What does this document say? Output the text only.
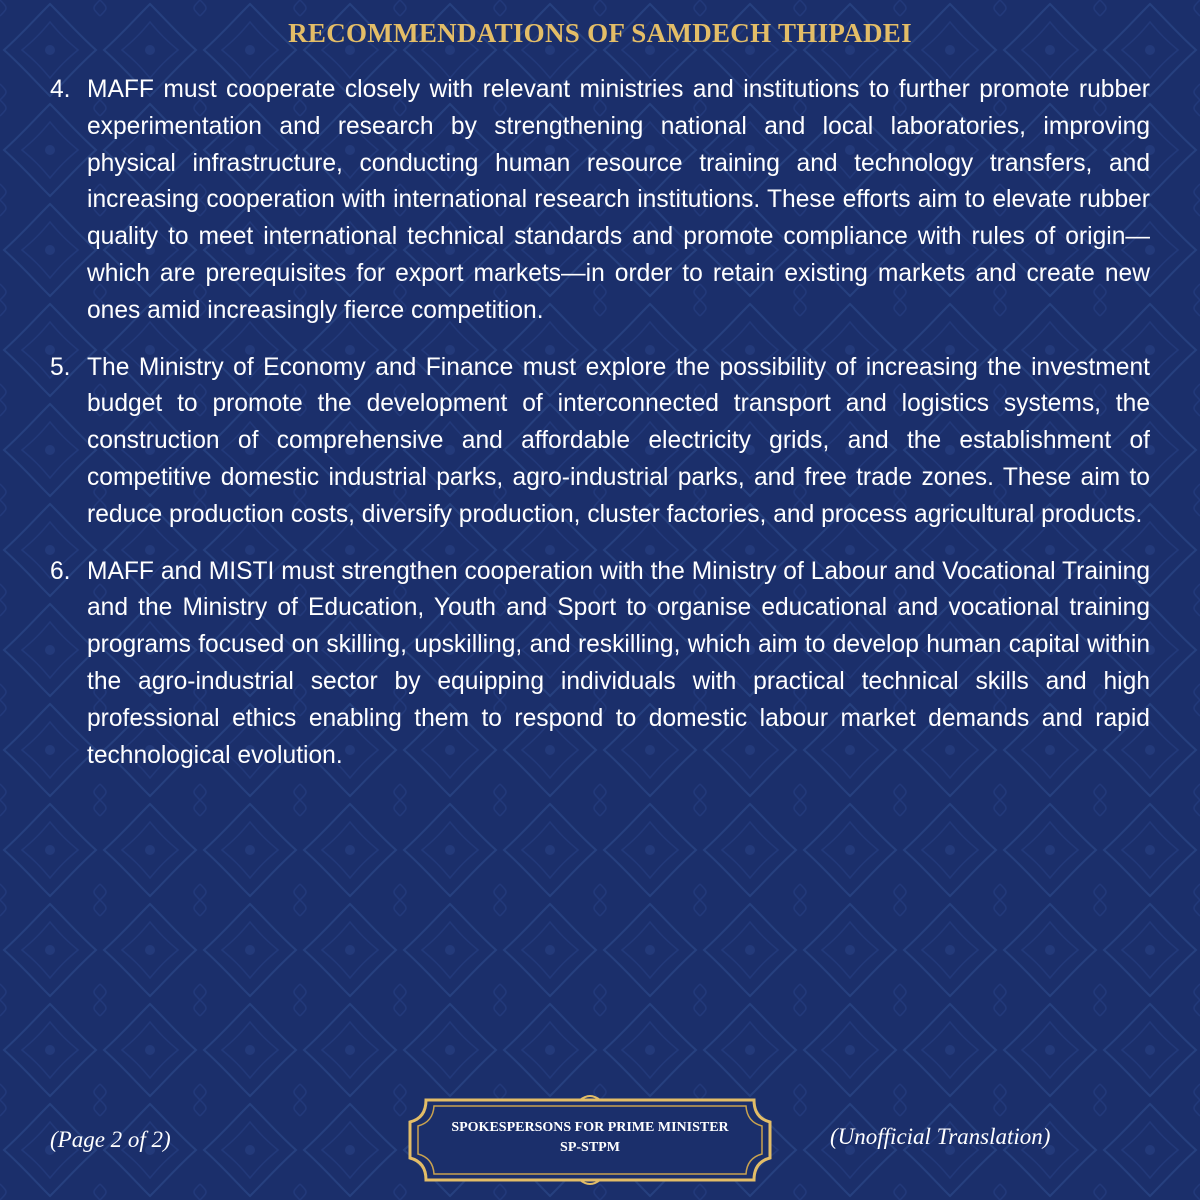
RECOMMENDATIONS OF SAMDECH THIPADEI
4. MAFF must cooperate closely with relevant ministries and institutions to further promote rubber experimentation and research by strengthening national and local laboratories, improving physical infrastructure, conducting human resource training and technology transfers, and increasing cooperation with international research institutions. These efforts aim to elevate rubber quality to meet international technical standards and promote compliance with rules of origin—which are prerequisites for export markets—in order to retain existing markets and create new ones amid increasingly fierce competition.
5. The Ministry of Economy and Finance must explore the possibility of increasing the investment budget to promote the development of interconnected transport and logistics systems, the construction of comprehensive and affordable electricity grids, and the establishment of competitive domestic industrial parks, agro-industrial parks, and free trade zones. These aim to reduce production costs, diversify production, cluster factories, and process agricultural products.
6. MAFF and MISTI must strengthen cooperation with the Ministry of Labour and Vocational Training and the Ministry of Education, Youth and Sport to organise educational and vocational training programs focused on skilling, upskilling, and reskilling, which aim to develop human capital within the agro-industrial sector by equipping individuals with practical technical skills and high professional ethics enabling them to respond to domestic labour market demands and rapid technological evolution.
(Page 2 of 2)	SPOKESPERSONS FOR PRIME MINISTER
SP-STPM	(Unofficial Translation)
